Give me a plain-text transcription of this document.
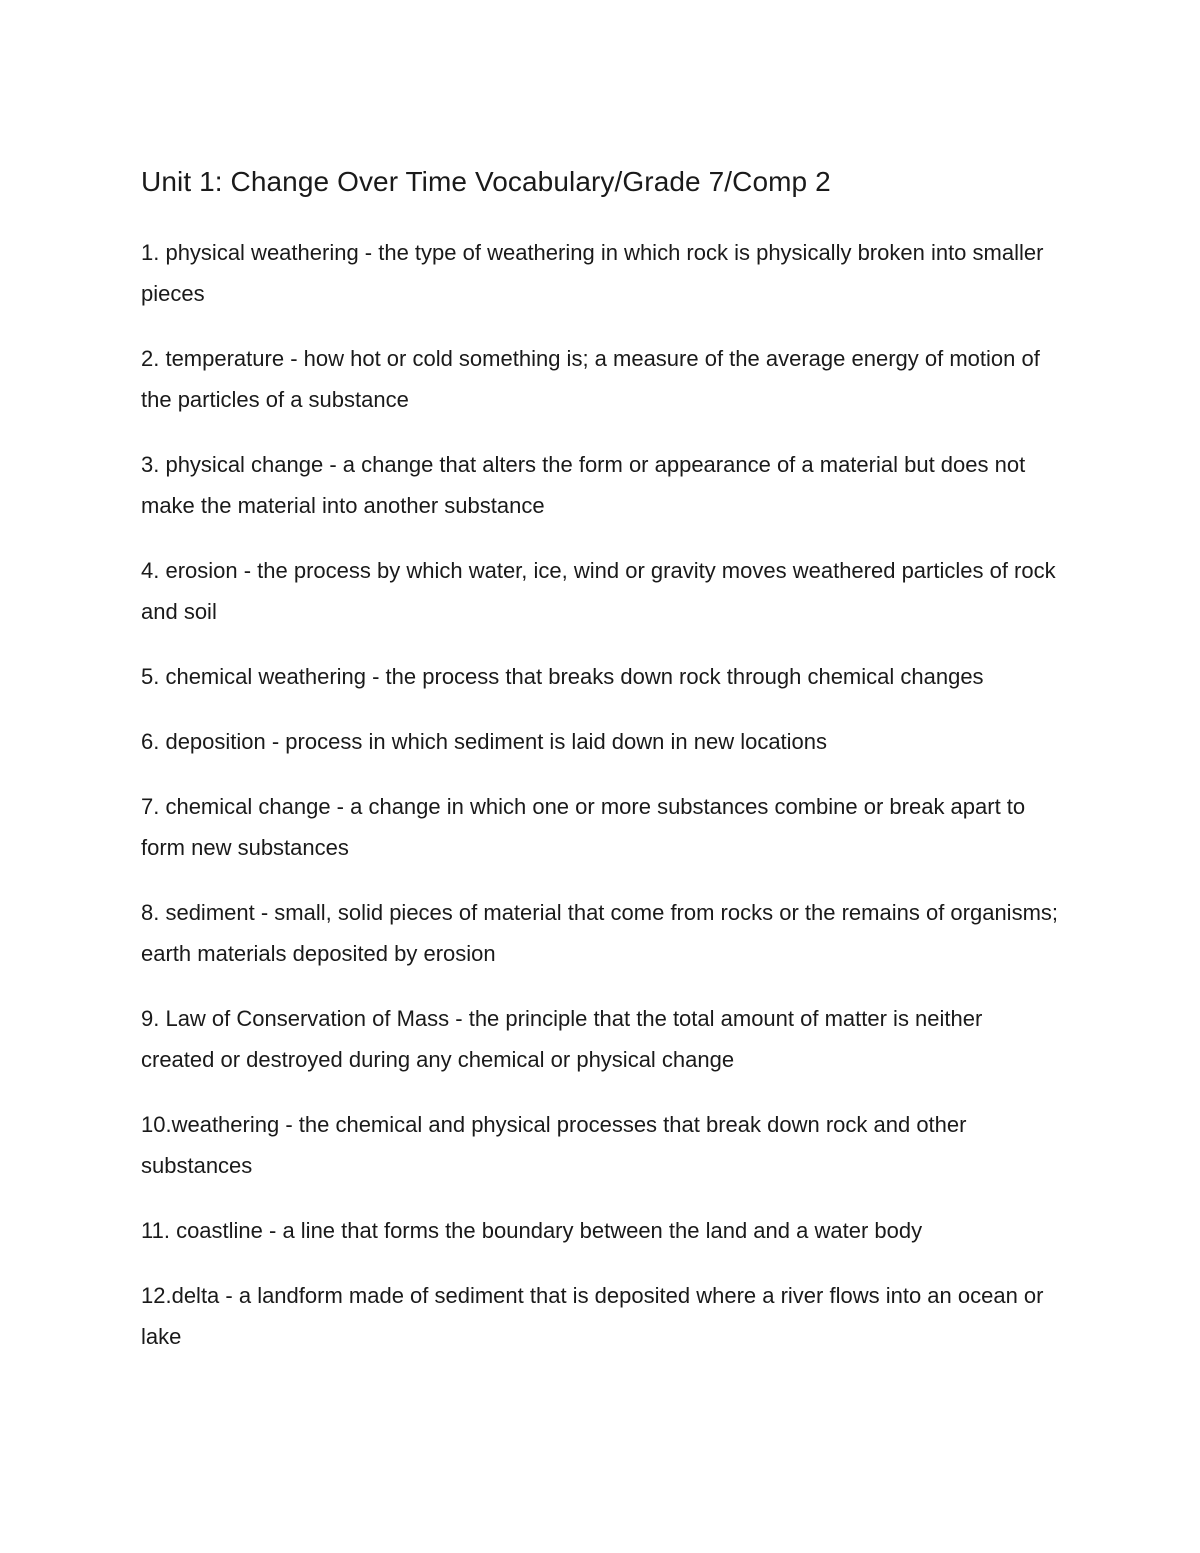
Unit 1: Change Over Time Vocabulary/Grade 7/Comp 2
1. physical weathering - the type of weathering in which rock is physically broken into smaller pieces
2. temperature - how hot or cold something is; a measure of the average energy of motion of the particles of a substance
3. physical change - a change that alters the form or appearance of a material but does not make the material into another substance
4. erosion - the process by which water, ice, wind or gravity moves weathered particles of rock and soil
5. chemical weathering - the process that breaks down rock through chemical changes
6. deposition - process in which sediment is laid down in new locations
7. chemical change - a change in which one or more substances combine or break apart to form new substances
8. sediment - small, solid pieces of material that come from rocks or the remains of organisms; earth materials deposited by erosion
9. Law of Conservation of Mass - the principle that the total amount of matter is neither created or destroyed during any chemical or physical change
10.weathering - the chemical and physical processes that break down rock and other substances
11. coastline - a line that forms the boundary between the land and a water body
12.delta - a landform made of sediment that is deposited where a river flows into an ocean or lake
